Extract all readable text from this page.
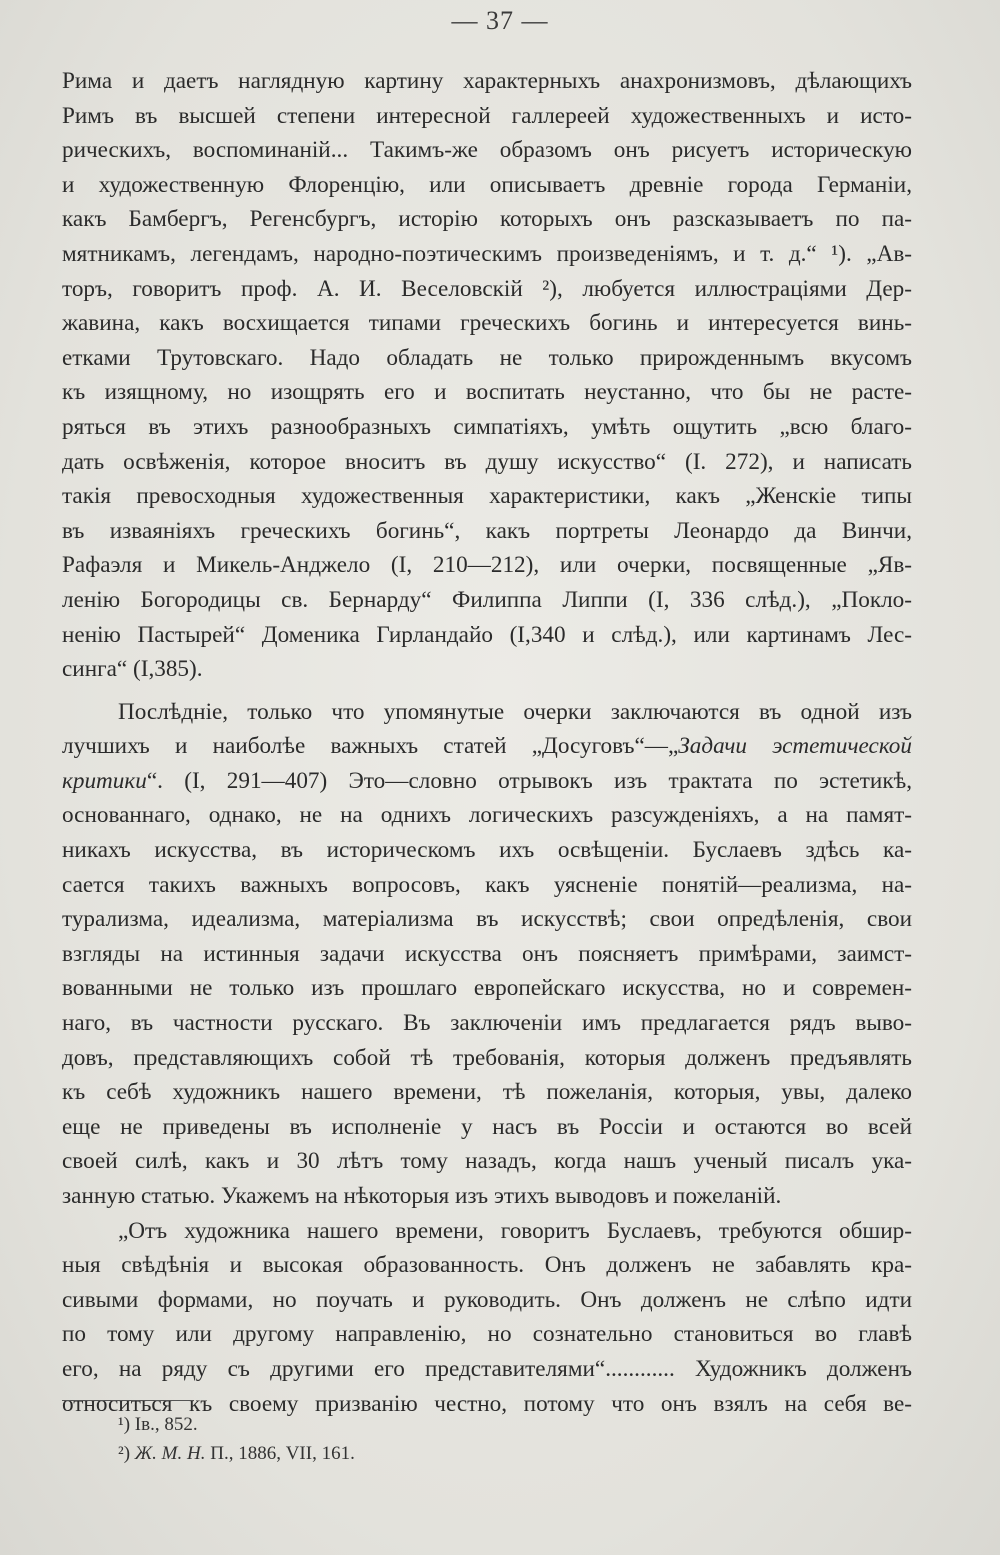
— 37 —

Рима и даетъ наглядную картину характерныхъ анахронизмовъ, дѣлающихъ
Римъ въ высшей степени интересной галлереей художественныхъ и исто-
рическихъ, воспоминаній... Такимъ-же образомъ онъ рисуетъ историческую
и художественную Флоренцію, или описываетъ древніе города Германіи,
какъ Бамбергъ, Регенсбургъ, исторію которыхъ онъ разсказываетъ по па-
мятникамъ, легендамъ, народно-поэтическимъ произведеніямъ, и т. д.“ ¹). „Ав-
торъ, говоритъ проф. А. И. Веселовскій ²), любуется иллюстраціями Дер-
жавина, какъ восхищается типами греческихъ богинь и интересуется винь-
етками Трутовскаго. Надо обладать не только прирожденнымъ вкусомъ
къ изящному, но изощрять его и воспитать неустанно, что бы не расте-
ряться въ этихъ разнообразныхъ симпатіяхъ, умѣть ощутить „всю благо-
дать освѣженія, которое вноситъ въ душу искусство“ (I. 272), и написать
такія превосходныя художественныя характеристики, какъ „Женскіе типы
въ изваяніяхъ греческихъ богинь“, какъ портреты Леонардо да Винчи,
Рафаэля и Микель-Анджело (I, 210—212), или очерки, посвященные „Яв-
ленію Богородицы св. Бернарду“ Филиппа Липпи (I, 336 слѣд.), „Покло-
ненію Пастырей“ Доменика Гирландайо (I,340 и слѣд.), или картинамъ Лес-
синга“ (I,385).

Послѣдніе, только что упомянутые очерки заключаются въ одной изъ
лучшихъ и наиболѣе важныхъ статей „Досуговъ“—„Задачи эстетической
критики“. (I, 291—407) Это—словно отрывокъ изъ трактата по эстетикѣ,
основаннаго, однако, не на однихъ логическихъ разсужденіяхъ, а на памят-
никахъ искусства, въ историческомъ ихъ освѣщеніи. Буслаевъ здѣсь ка-
сается такихъ важныхъ вопросовъ, какъ уясненіе понятій—реализма, на-
турализма, идеализма, матеріализма въ искусствѣ; свои опредѣленія, свои
взгляды на истинныя задачи искусства онъ поясняетъ примѣрами, заимст-
вованными не только изъ прошлаго европейскаго искусства, но и современ-
наго, въ частности русскаго. Въ заключеніи имъ предлагается рядъ выво-
довъ, представляющихъ собой тѣ требованія, которыя долженъ предъявлять
къ себѣ художникъ нашего времени, тѣ пожеланія, которыя, увы, далеко
еще не приведены въ исполненіе у насъ въ Россіи и остаются во всей
своей силѣ, какъ и 30 лѣтъ тому назадъ, когда нашъ ученый писалъ ука-
занную статью. Укажемъ на нѣкоторыя изъ этихъ выводовъ и пожеланій.

„Отъ художника нашего времени, говоритъ Буслаевъ, требуются обшир-
ныя свѣдѣнія и высокая образованность. Онъ долженъ не забавлять кра-
сивыми формами, но поучать и руководить. Онъ долженъ не слѣпо идти
по тому или другому направленію, но сознательно становиться во главѣ
его, на ряду съ другими его представителями“............ Художникъ долженъ
относиться къ своему призванію честно, потому что онъ взялъ на себя ве-

¹) Ів., 852.
²) Ж. М. Н. П., 1886, VII, 161.
